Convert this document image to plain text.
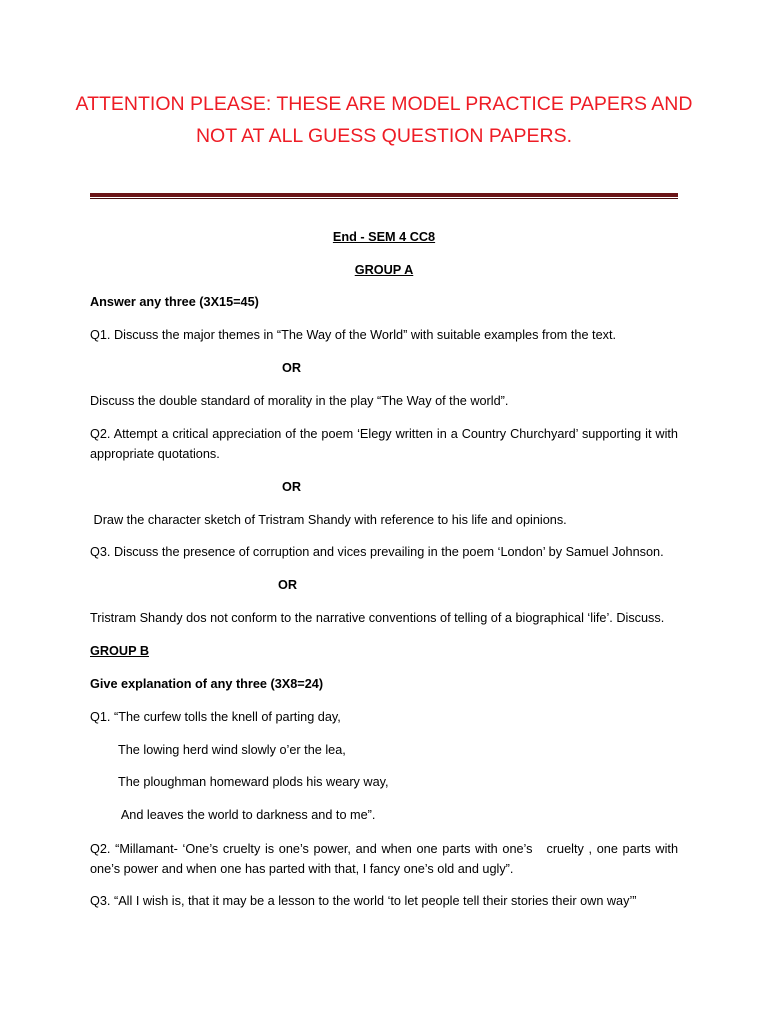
ATTENTION PLEASE: THESE ARE MODEL PRACTICE PAPERS AND NOT AT ALL GUESS QUESTION PAPERS.
End - SEM 4 CC8
GROUP A
Answer any three (3X15=45)
Q1. Discuss the major themes in “The Way of the World” with suitable examples from the text.
OR
Discuss the double standard of morality in the play “The Way of the world”.
Q2. Attempt a critical appreciation of the poem ‘Elegy written in a Country Churchyard’ supporting it with appropriate quotations.
OR
Draw the character sketch of Tristram Shandy with reference to his life and opinions.
Q3. Discuss the presence of corruption and vices prevailing in the poem ‘London’ by Samuel Johnson.
OR
Tristram Shandy dos not conform to the narrative conventions of telling of a biographical ‘life’. Discuss.
GROUP B
Give explanation of any three (3X8=24)
Q1. “The curfew tolls the knell of parting day,
The lowing herd wind slowly o’er the lea,
The ploughman homeward plods his weary way,
And leaves the world to darkness and to me”.
Q2. “Millamant- ‘One’s cruelty is one’s power, and when one parts with one’s   cruelty , one parts with one’s power and when one has parted with that, I fancy one’s old and ugly”.
Q3. “All I wish is, that it may be a lesson to the world ‘to let people tell their stories their own way’”
